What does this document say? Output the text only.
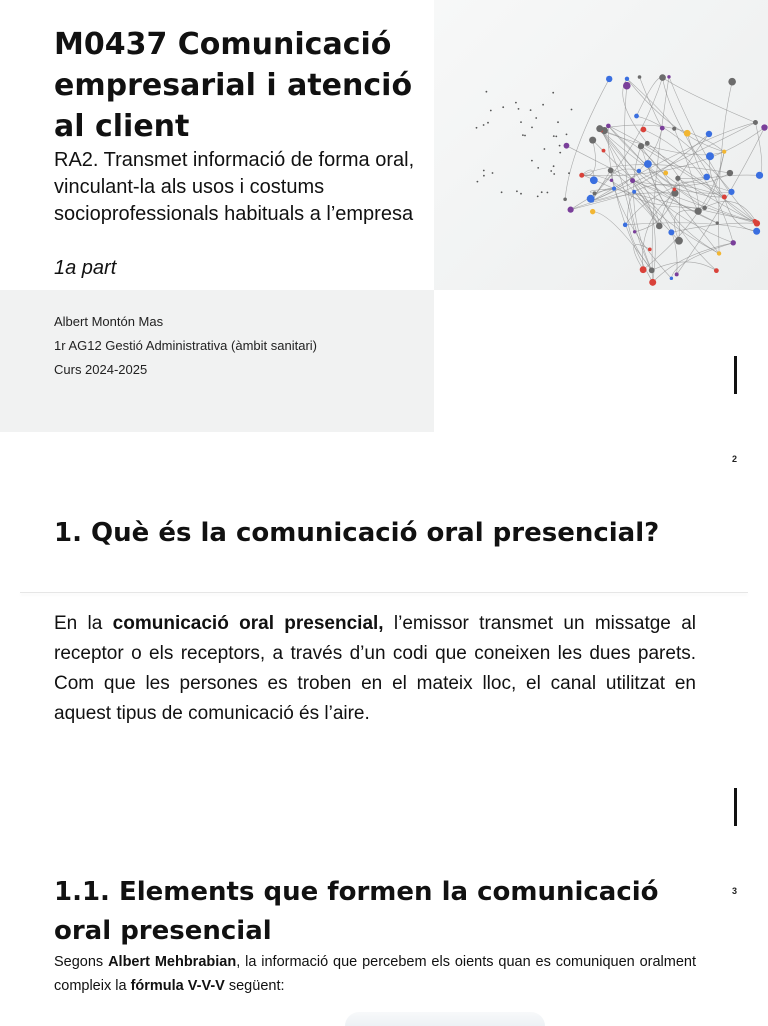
M0437 Comunicació empresarial i atenció al client
RA2. Transmet informació de forma oral, vinculant-la als usos i costums socioprofessionals habituals a l’empresa
1a part
Albert Montón Mas
1r AG12 Gestió Administrativa (àmbit sanitari)
Curs 2024-2025
2
1. Què és la comunicació oral presencial?

En la comunicació oral presencial, l’emissor transmet un missatge al receptor o els receptors, a través d’un codi que coneixen les dues parets. Com que les persones es troben en el mateix lloc, el canal utilitzat en aquest tipus de comunicació és l’aire.

3
1.1. Elements que formen la comunicació oral presencial

Segons Albert Mehbrabian, la informació que percebem els oients quan es comuniquen oralment compleix la fórmula V-V-V següent:
